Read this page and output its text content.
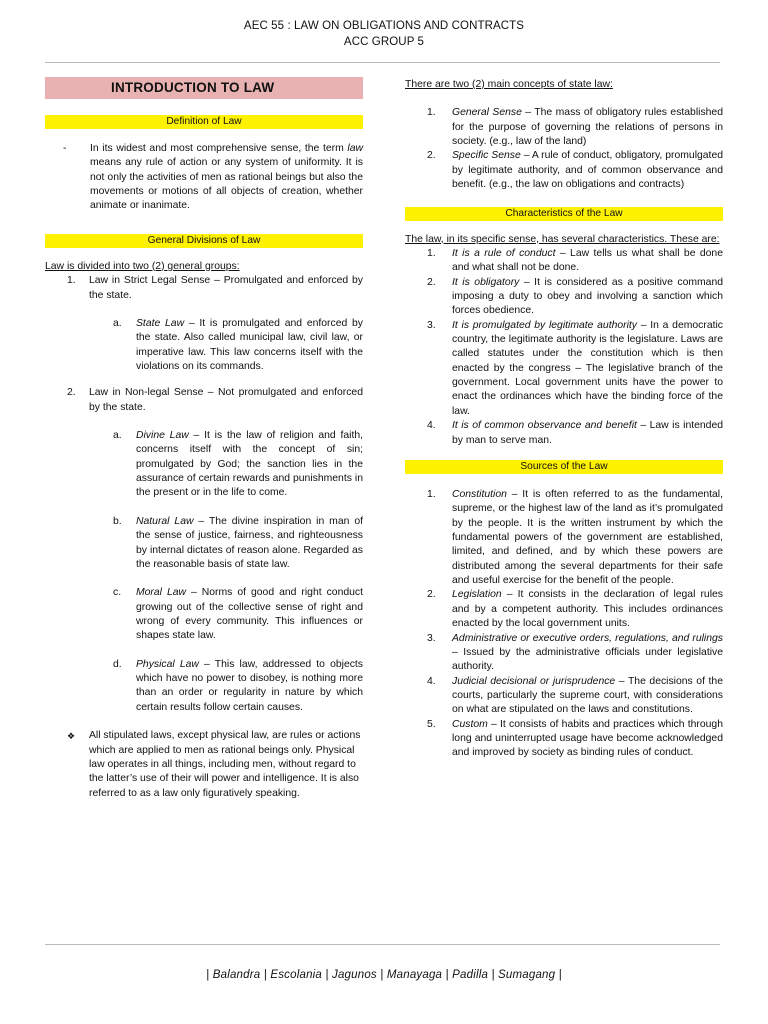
AEC 55 : LAW ON OBLIGATIONS AND CONTRACTS
ACC GROUP 5
INTRODUCTION TO LAW
Definition of Law
-	In its widest and most comprehensive sense, the term law means any rule of action or any system of uniformity. It is not only the activities of men as rational beings but also the movements or motions of all objects of creation, whether animate or inanimate.
General Divisions of Law
Law is divided into two (2) general groups:
1.	Law in Strict Legal Sense – Promulgated and enforced by the state.
a.	State Law – It is promulgated and enforced by the state. Also called municipal law, civil law, or imperative law. This law concerns itself with the violations on its commands.
2.	Law in Non-legal Sense – Not promulgated and enforced by the state.
a.	Divine Law – It is the law of religion and faith, concerns itself with the concept of sin; promulgated by God; the sanction lies in the assurance of certain rewards and punishments in the present or in the life to come.
b.	Natural Law – The divine inspiration in man of the sense of justice, fairness, and righteousness by internal dictates of reason alone. Regarded as the reasonable basis of state law.
c.	Moral Law – Norms of good and right conduct growing out of the collective sense of right and wrong of every community. This influences or shapes state law.
d.	Physical Law – This law, addressed to objects which have no power to disobey, is nothing more than an order or regularity in nature by which certain results follow certain causes.
❖	All stipulated laws, except physical law, are rules or actions which are applied to men as rational beings only. Physical law operates in all things, including men, without regard to the latter’s use of their will power and intelligence. It is also referred to as a law only figuratively speaking.
There are two (2) main concepts of state law:
1.	General Sense – The mass of obligatory rules established for the purpose of governing the relations of persons in society. (e.g., law of the land)
2.	Specific Sense – A rule of conduct, obligatory, promulgated by legitimate authority, and of common observance and benefit. (e.g., the law on obligations and contracts)
Characteristics of the Law
The law, in its specific sense, has several characteristics. These are:
1.	It is a rule of conduct – Law tells us what shall be done and what shall not be done.
2.	It is obligatory – It is considered as a positive command imposing a duty to obey and involving a sanction which forces obedience.
3.	It is promulgated by legitimate authority – In a democratic country, the legitimate authority is the legislature. Laws are called statutes under the constitution which is then enacted by the congress – The legislative branch of the government. Local government units have the power to enact the ordinances which have the binding force of the law.
4.	It is of common observance and benefit – Law is intended by man to serve man.
Sources of the Law
1.	Constitution – It is often referred to as the fundamental, supreme, or the highest law of the land as it’s promulgated by the people. It is the written instrument by which the fundamental powers of the government are established, limited, and defined, and by which these powers are distributed among the several departments for their safe and useful exercise for the benefit of the people.
2.	Legislation – It consists in the declaration of legal rules and by a competent authority. This includes ordinances enacted by the local government units.
3.	Administrative or executive orders, regulations, and rulings – Issued by the administrative officials under legislative authority.
4.	Judicial decisional or jurisprudence – The decisions of the courts, particularly the supreme court, with considerations on what are stipulated on the laws and constitutions.
5.	Custom – It consists of habits and practices which through long and uninterrupted usage have become acknowledged and improved by society as binding rules of conduct.
| Balandra | Escolania | Jagunos | Manayaga | Padilla | Sumagang |
